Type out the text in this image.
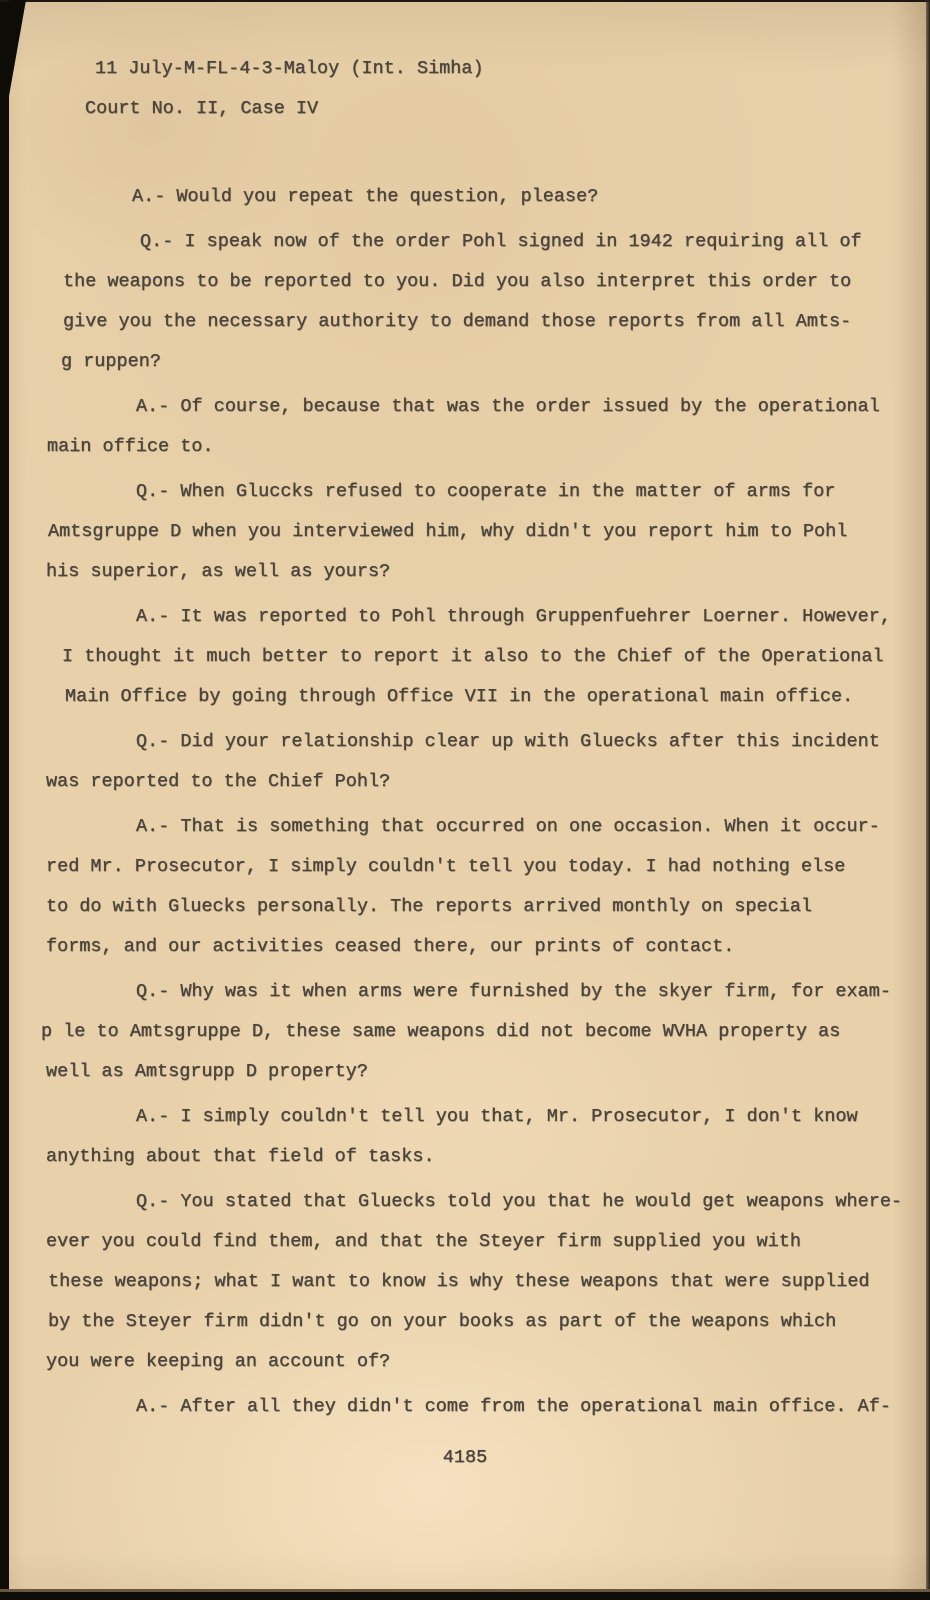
11 July-M-FL-4-3-Maloy (Int. Simha)
Court No. II, Case IV
A.- Would you repeat the question, please?
Q.- I speak now of the order Pohl signed in 1942 requiring all of
the weapons to be reported to you. Did you also interpret this order to
give you the necessary authority to demand those reports from all Amts-
g ruppen?
A.- Of course, because that was the order issued by the operational
main office to.
Q.- When Gluccks refused to cooperate in the matter of arms for
Amtsgruppe D when you interviewed him, why didn't you report him to Pohl
his superior, as well as yours?
A.- It was reported to Pohl through Gruppenfuehrer Loerner. However,
I thought it much better to report it also to the Chief of the Operational
Main Office by going through Office VII in the operational main office.
Q.- Did your relationship clear up with Gluecks after this incident
was reported to the Chief Pohl?
A.- That is something that occurred on one occasion. When it occur-
red Mr. Prosecutor, I simply couldn't tell you today. I had nothing else
to do with Gluecks personally. The reports arrived monthly on special
forms, and our activities ceased there, our prints of contact.
Q.- Why was it when arms were furnished by the skyer firm, for exam-
p le to Amtsgruppe D, these same weapons did not become WVHA property as
well as Amtsgrupp D property?
A.- I simply couldn't tell you that, Mr. Prosecutor, I don't know
anything about that field of tasks.
Q.- You stated that Gluecks told you that he would get weapons where-
ever you could find them, and that the Steyer firm supplied you with
these weapons; what I want to know is why these weapons that were supplied
by the Steyer firm didn't go on your books as part of the weapons which
you were keeping an account of?
A.- After all they didn't come from the operational main office. Af-
4185
